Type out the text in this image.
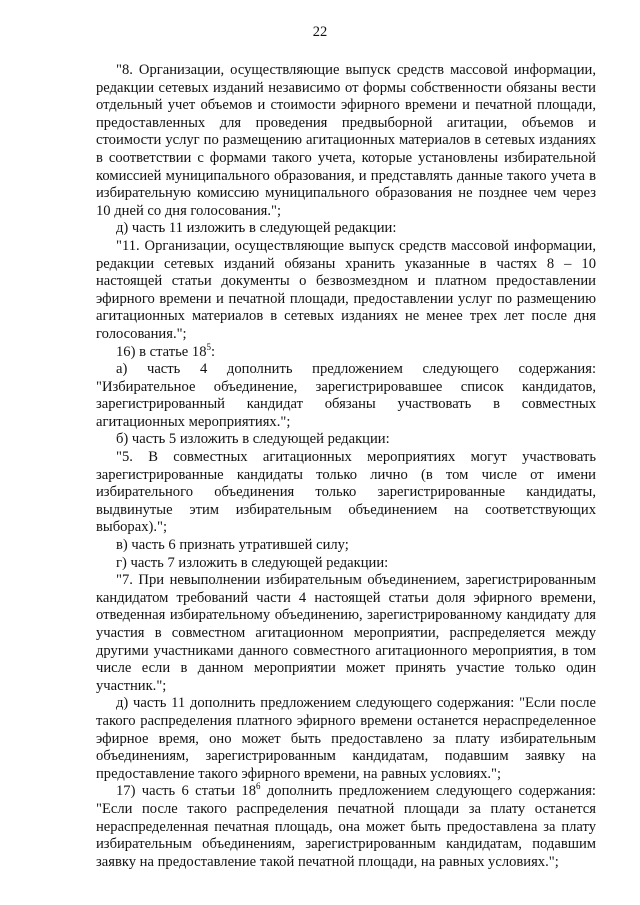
22

"8. Организации, осуществляющие выпуск средств массовой информации, редакции сетевых изданий независимо от формы собственности обязаны вести отдельный учет объемов и стоимости эфирного времени и печатной площади, предоставленных для проведения предвыборной агитации, объемов и стоимости услуг по размещению агитационных материалов в сетевых изданиях в соответствии с формами такого учета, которые установлены избирательной комиссией муниципального образования, и представлять данные такого учета в избирательную комиссию муниципального образования не позднее чем через 10 дней со дня голосования.";

д) часть 11 изложить в следующей редакции:

"11. Организации, осуществляющие выпуск средств массовой информации, редакции сетевых изданий обязаны хранить указанные в частях 8 – 10 настоящей статьи документы о безвозмездном и платном предоставлении эфирного времени и печатной площади, предоставлении услуг по размещению агитационных материалов в сетевых изданиях не менее трех лет после дня голосования.";

16) в статье $18^5$:

а) часть 4 дополнить предложением следующего содержания: "Избирательное объединение, зарегистрировавшее список кандидатов, зарегистрированный кандидат обязаны участвовать в совместных агитационных мероприятиях.";

б) часть 5 изложить в следующей редакции:

"5. В совместных агитационных мероприятиях могут участвовать зарегистрированные кандидаты только лично (в том числе от имени избирательного объединения только зарегистрированные кандидаты, выдвинутые этим избирательным объединением на соответствующих выборах).";

в) часть 6 признать утратившей силу;

г) часть 7 изложить в следующей редакции:

"7. При невыполнении избирательным объединением, зарегистрированным кандидатом требований части 4 настоящей статьи доля эфирного времени, отведенная избирательному объединению, зарегистрированному кандидату для участия в совместном агитационном мероприятии, распределяется между другими участниками данного совместного агитационного мероприятия, в том числе если в данном мероприятии может принять участие только один участник.";

д) часть 11 дополнить предложением следующего содержания: "Если после такого распределения платного эфирного времени останется нераспределенное эфирное время, оно может быть предоставлено за плату избирательным объединениям, зарегистрированным кандидатам, подавшим заявку на предоставление такого эфирного времени, на равных условиях.";

17) часть 6 статьи $18^6$ дополнить предложением следующего содержания: "Если после такого распределения печатной площади за плату останется нераспределенная печатная площадь, она может быть предоставлена за плату избирательным объединениям, зарегистрированным кандидатам, подавшим заявку на предоставление такой печатной площади, на равных условиях.";
